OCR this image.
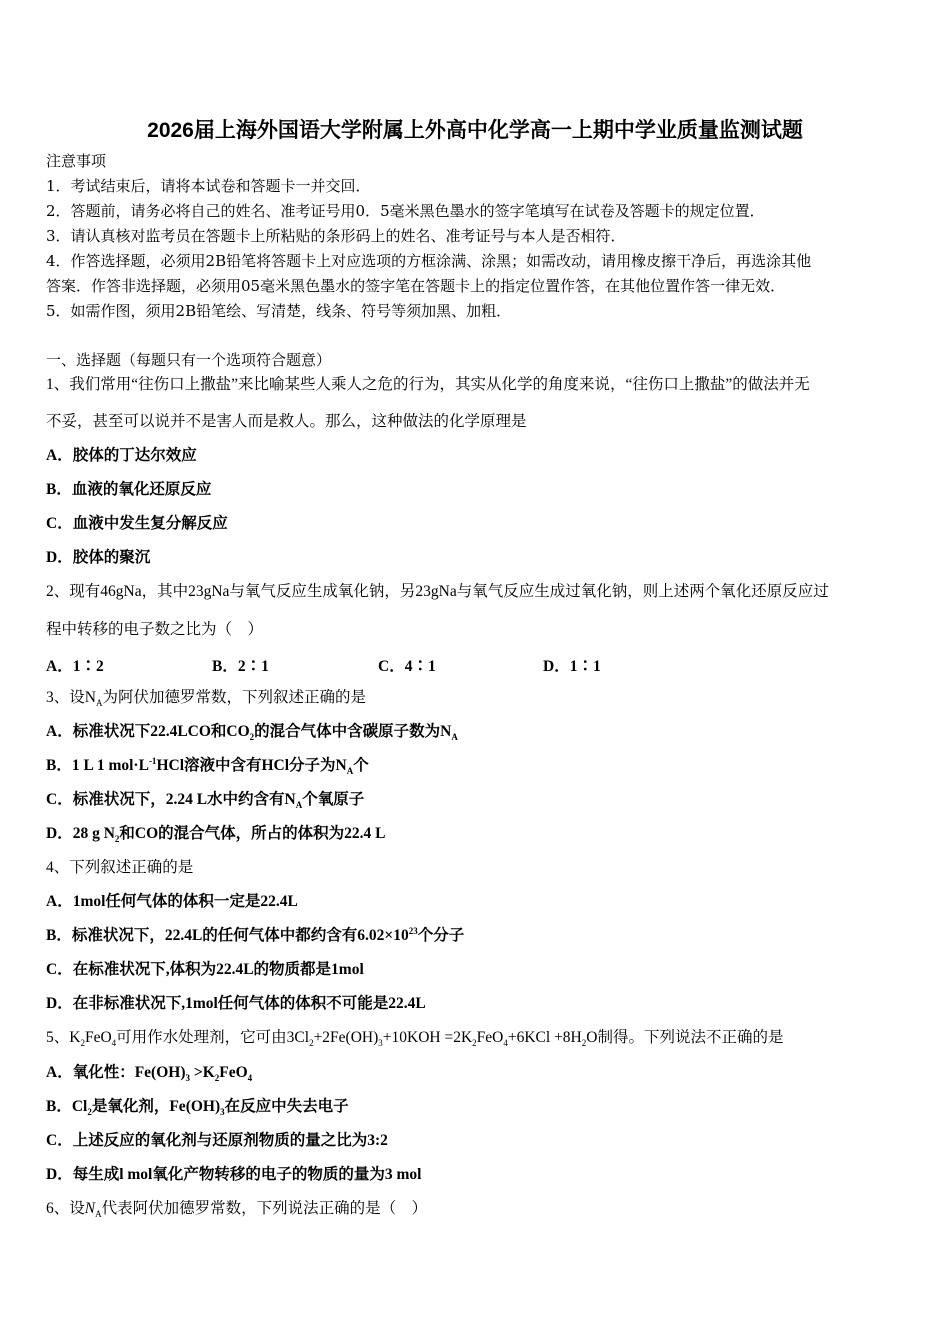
2026届上海外国语大学附属上外高中化学高一上期中学业质量监测试题
注意事项
1．考试结束后，请将本试卷和答题卡一并交回．
2．答题前，请务必将自己的姓名、准考证号用0．5毫米黑色墨水的签字笔填写在试卷及答题卡的规定位置．
3．请认真核对监考员在答题卡上所粘贴的条形码上的姓名、准考证号与本人是否相符．
4．作答选择题，必须用2B铅笔将答题卡上对应选项的方框涂满、涂黑；如需改动，请用橡皮擦干净后，再选涂其他
答案．作答非选择题，必须用05毫米黑色墨水的签字笔在答题卡上的指定位置作答，在其他位置作答一律无效．
5．如需作图，须用2B铅笔绘、写清楚，线条、符号等须加黑、加粗．
一、选择题（每题只有一个选项符合题意）
1、我们常用“往伤口上撒盐”来比喻某些人乘人之危的行为，其实从化学的角度来说，“往伤口上撒盐”的做法并无
不妥，甚至可以说并不是害人而是救人。那么，这种做法的化学原理是
A．胶体的丁达尔效应
B．血液的氧化还原反应
C．血液中发生复分解反应
D．胶体的聚沉
2、现有46gNa，其中23gNa与氧气反应生成氧化钠，另23gNa与氧气反应生成过氧化钠，则上述两个氧化还原反应过
程中转移的电子数之比为（　）
A．1∶2	B．2∶1	C．4∶1	D．1∶1
3、设$N_A$为阿伏加德罗常数，下列叙述正确的是
A．标准状况下22.4LCO和$CO_2$的混合气体中含碳原子数为$N_A$
B．1 L 1 $mol\cdot L^{-1}HCl$溶液中含有HCl分子为$N_A$个
C．标准状况下，2.24 L水中约含有$N_A$个氧原子
D．28 g $N_2$和CO的混合气体，所占的体积为22.4 L
4、下列叙述正确的是
A．1mol任何气体的体积一定是22.4L
B．标准状况下，22.4L的任何气体中都约含有$6.02\times 10^{23}$个分子
C．在标准状况下,体积为22.4L的物质都是1mol
D．在非标准状况下,1mol任何气体的体积不可能是22.4L
5、$K_2FeO_4$可用作水处理剂，它可由$3Cl_2+2Fe(OH)_3+10KOH =2K_2FeO_4+6KCl +8H_2O$制得。下列说法不正确的是
A．氧化性：$Fe(OH)_3 >K_2FeO_4$
B．$Cl_2$是氧化剂，$Fe(OH)_3$在反应中失去电子
C．上述反应的氧化剂与还原剂物质的量之比为3:2
D．每生成l mol氧化产物转移的电子的物质的量为3 mol
6、设$N_A$代表阿伏加德罗常数，下列说法正确的是（　）
